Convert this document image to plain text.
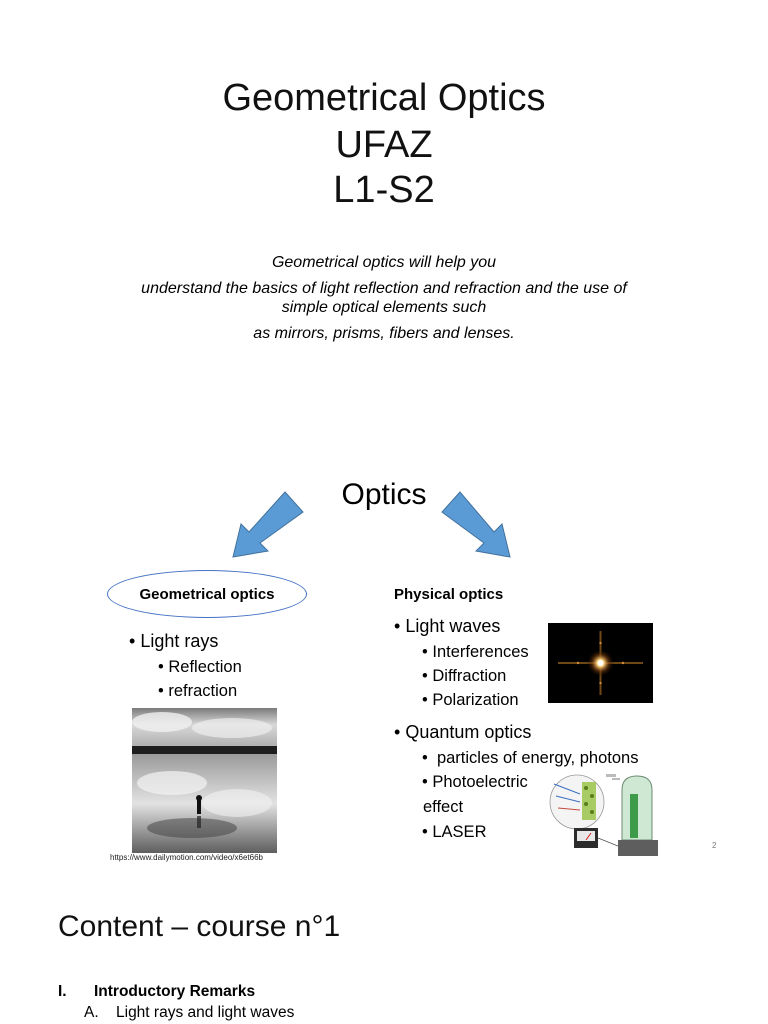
Geometrical Optics
UFAZ
L1-S2
Geometrical optics will help you
understand the basics of light reflection and refraction and the use of
simple optical elements such
as mirrors, prisms, fibers and lenses.
Optics
Geometrical optics
• Light rays
• Reflection
• refraction
https://www.dailymotion.com/video/x6et66b
Physical optics
• Light waves
• Interferences
• Diffraction
• Polarization
• Quantum optics
•  particles of energy, photons
• Photoelectric
effect
• LASER
2
Content – course n°1
I. Introductory Remarks
A. Light rays and light waves
